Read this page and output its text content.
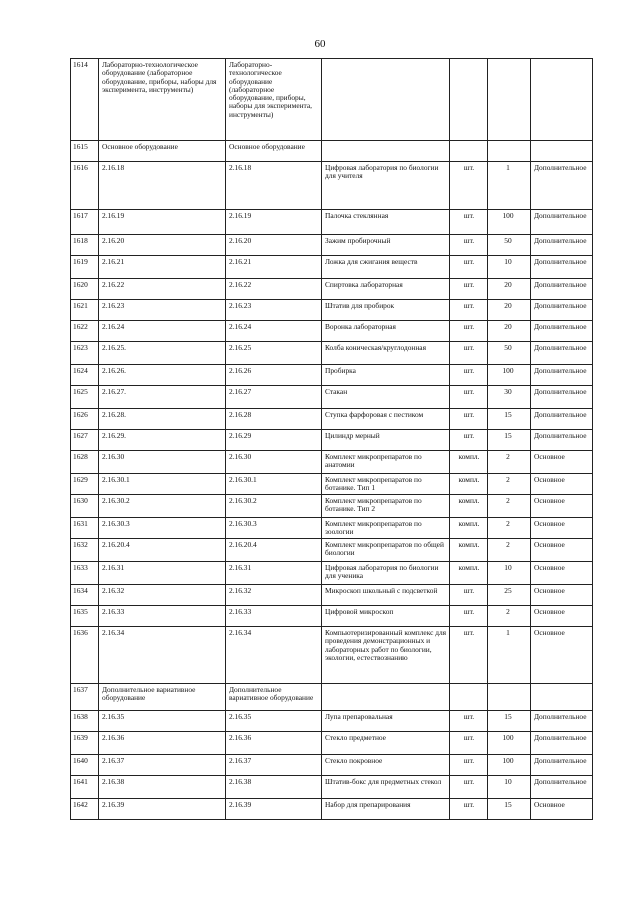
60
1614	Лабораторно-технологическое оборудование (лабораторное оборудование, приборы, наборы для эксперимента, инструменты)	Лабораторно-технологическое оборудование (лабораторное оборудование, приборы, наборы для эксперимента, инструменты)				
1615	Основное оборудование	Основное оборудование				
1616	2.16.18	2.16.18	Цифровая лаборатория по биологии для учителя	шт.	1	Дополнительное
1617	2.16.19	2.16.19	Палочка стеклянная	шт.	100	Дополнительное
1618	2.16.20	2.16.20	Зажим пробирочный	шт.	50	Дополнительное
1619	2.16.21	2.16.21	Ложка для сжигания веществ	шт.	10	Дополнительное
1620	2.16.22	2.16.22	Спиртовка лабораторная	шт.	20	Дополнительное
1621	2.16.23	2.16.23	Штатив для пробирок	шт.	20	Дополнительное
1622	2.16.24	2.16.24	Воронка лабораторная	шт.	20	Дополнительное
1623	2.16.25.	2.16.25	Колба коническая/круглодонная	шт.	50	Дополнительное
1624	2.16.26.	2.16.26	Пробирка	шт.	100	Дополнительное
1625	2.16.27.	2.16.27	Стакан	шт.	30	Дополнительное
1626	2.16.28.	2.16.28	Ступка фарфоровая с пестиком	шт.	15	Дополнительное
1627	2.16.29.	2.16.29	Цилиндр мерный	шт.	15	Дополнительное
1628	2.16.30	2.16.30	Комплект микропрепаратов по анатомии	компл.	2	Основное
1629	2.16.30.1	2.16.30.1	Комплект микропрепаратов по ботанике. Тип 1	компл.	2	Основное
1630	2.16.30.2	2.16.30.2	Комплект микропрепаратов по ботанике. Тип 2	компл.	2	Основное
1631	2.16.30.3	2.16.30.3	Комплект микропрепаратов по зоологии	компл.	2	Основное
1632	2.16.20.4	2.16.20.4	Комплект микропрепаратов по общей биологии	компл.	2	Основное
1633	2.16.31	2.16.31	Цифровая лаборатория по биологии для ученика	компл.	10	Основное
1634	2.16.32	2.16.32	Микроскоп школьный с подсветкой	шт.	25	Основное
1635	2.16.33	2.16.33	Цифровой микроскоп	шт.	2	Основное
1636	2.16.34	2.16.34	Компьютеризированный комплекс для проведения демонстрационных и лабораторных работ по биологии, экологии, естествознанию	шт.	1	Основное
1637	Дополнительное вариативное оборудование	Дополнительное вариативное оборудование				
1638	2.16.35	2.16.35	Лупа препаровальная	шт.	15	Дополнительное
1639	2.16.36	2.16.36	Стекло предметное	шт.	100	Дополнительное
1640	2.16.37	2.16.37	Стекло покровное	шт.	100	Дополнительное
1641	2.16.38	2.16.38	Штатив-бокс для предметных стекол	шт.	10	Дополнительное
1642	2.16.39	2.16.39	Набор для препарирования	шт.	15	Основное
